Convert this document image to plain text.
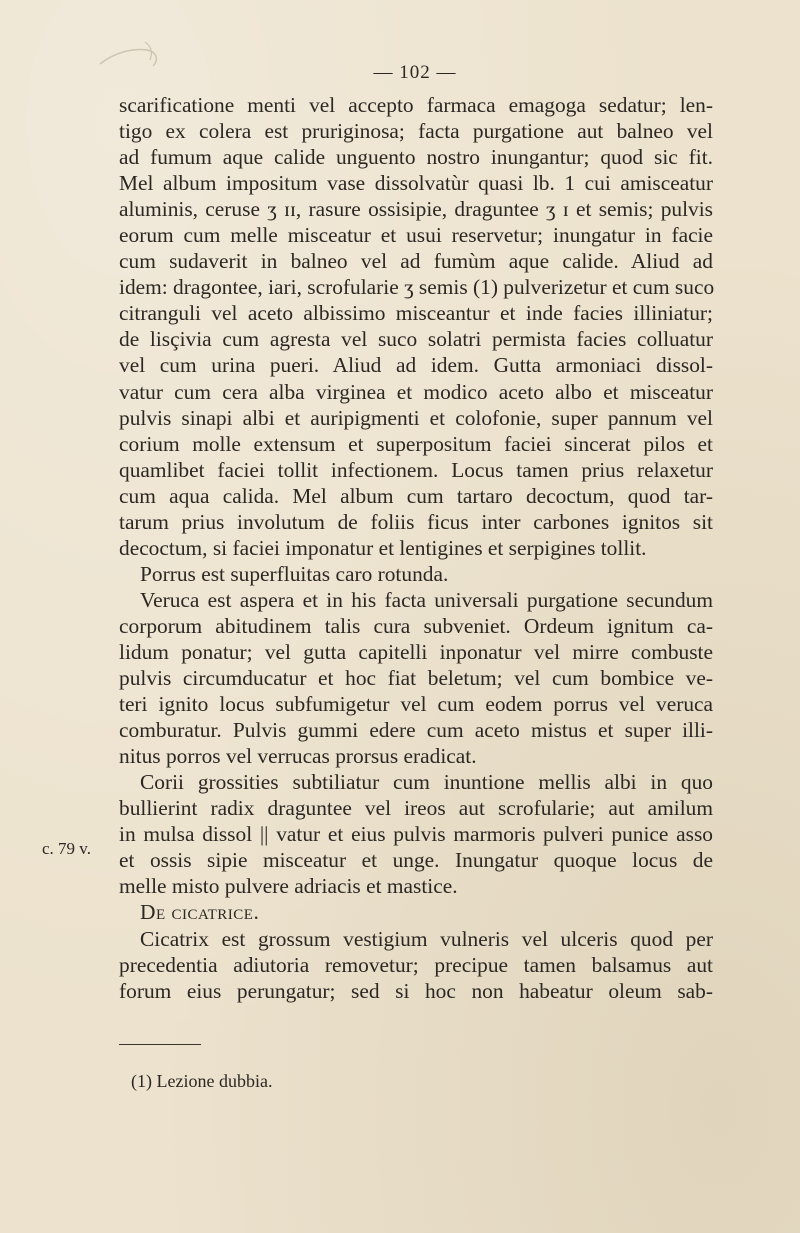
— 102 —
scarificatione menti vel accepto farmaca emagoga sedatur; len-
tigo ex colera est pruriginosa; facta purgatione aut balneo vel
ad fumum aque calide unguento nostro inungantur; quod sic fit.
Mel album impositum vase dissolvatùr quasi lb. 1 cui amisceatur
aluminis, ceruse ʒ ɪɪ, rasure ossisipie, draguntee ʒ ɪ et semis; pulvis
eorum cum melle misceatur et usui reservetur; inungatur in facie
cum sudaverit in balneo vel ad fumùm aque calide. Aliud ad
idem: dragontee, iari, scrofularie ʒ semis (1) pulverizetur et cum suco
citranguli vel aceto albissimo misceantur et inde facies illiniatur;
de lisçivia cum agresta vel suco solatri permista facies colluatur
vel cum urina pueri. Aliud ad idem. Gutta armoniaci dissol-
vatur cum cera alba virginea et modico aceto albo et misceatur
pulvis sinapi albi et auripigmenti et colofonie, super pannum vel
corium molle extensum et superpositum faciei sincerat pilos et
quamlibet faciei tollit infectionem. Locus tamen prius relaxetur
cum aqua calida. Mel album cum tartaro decoctum, quod tar-
tarum prius involutum de foliis ficus inter carbones ignitos sit
decoctum, si faciei imponatur et lentigines et serpigines tollit.
Porrus est superfluitas caro rotunda.
Veruca est aspera et in his facta universali purgatione secundum
corporum abitudinem talis cura subveniet. Ordeum ignitum ca-
lidum ponatur; vel gutta capitelli inponatur vel mirre combuste
pulvis circumducatur et hoc fiat beletum; vel cum bombice ve-
teri ignito locus subfumigetur vel cum eodem porrus vel veruca
comburatur. Pulvis gummi edere cum aceto mistus et super illi-
nitus porros vel verrucas prorsus eradicat.
Corii grossities subtiliatur cum inuntione mellis albi in quo
bullierint radix draguntee vel ireos aut scrofularie; aut amilum
in mulsa dissol || vatur et eius pulvis marmoris pulveri punice asso
et ossis sipie misceatur et unge. Inungatur quoque locus de
melle misto pulvere adriacis et mastice.
De cicatrice.
Cicatrix est grossum vestigium vulneris vel ulceris quod per
precedentia adiutoria removetur; precipue tamen balsamus aut
forum eius perungatur; sed si hoc non habeatur oleum sab-
c. 79 v.
(1) Lezione dubbia.
